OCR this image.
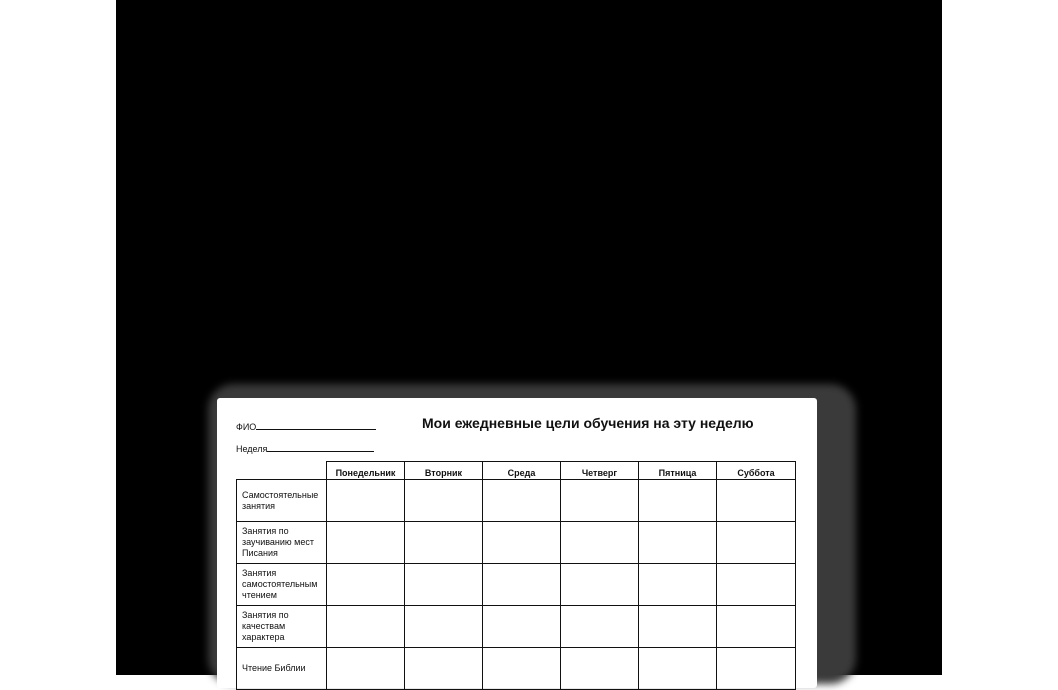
ФИО
Неделя
Мои ежедневные цели обучения на эту неделю
	Понедельник	Вторник	Среда	Четверг	Пятница	Суббота

Самостоятельные
занятия						

Занятия по
заучиванию мест
Писания						

Занятия
самостоятельным
чтением						

Занятия по
качествам
характера						

Чтение Библии						
